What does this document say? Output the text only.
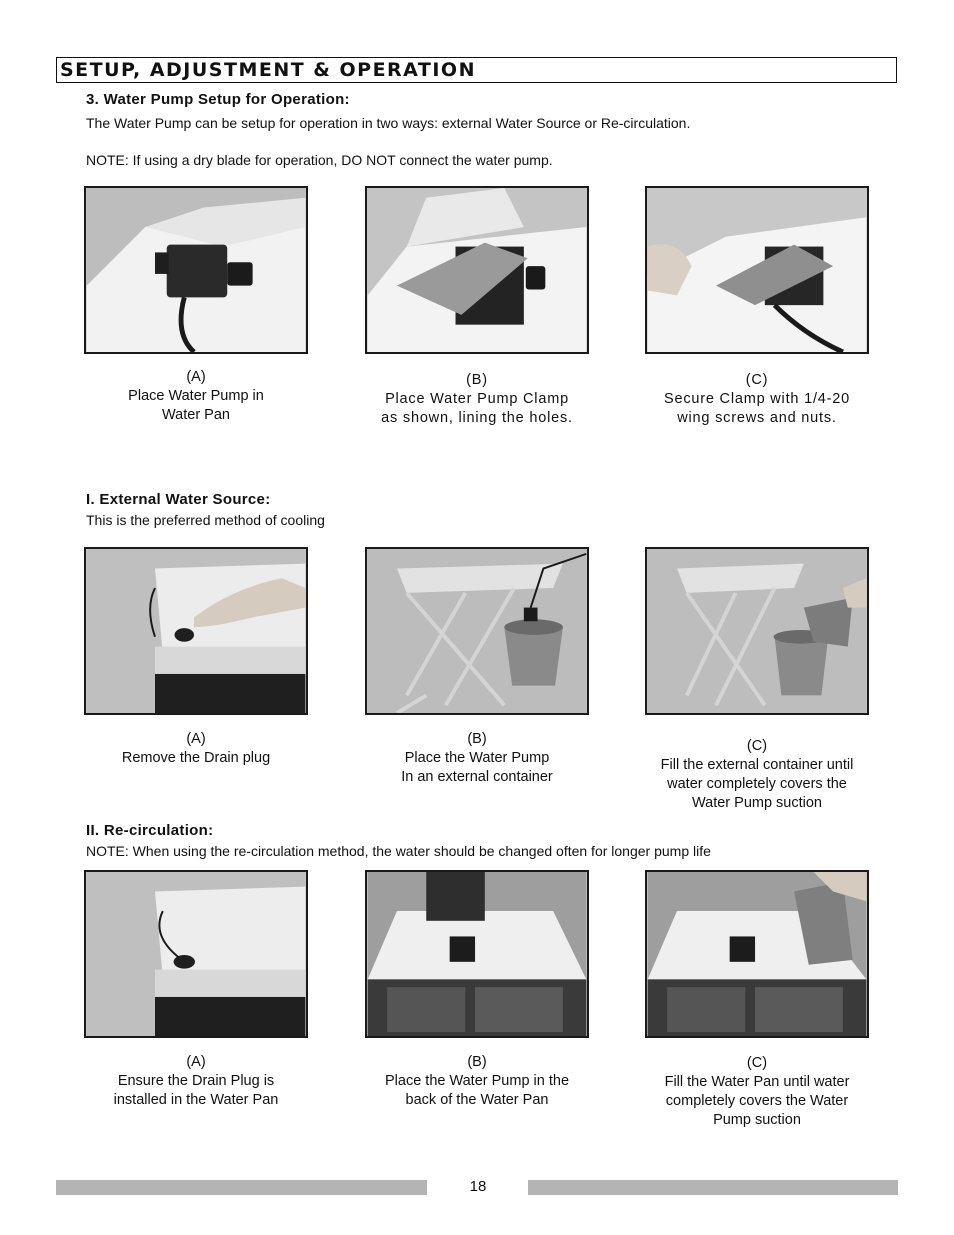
SETUP, ADJUSTMENT & OPERATION
3. Water Pump Setup for Operation:
The Water Pump can be setup for operation in two ways: external Water Source or Re-circulation.
NOTE: If using a dry blade for operation, DO NOT connect the water pump.
(A)
Place Water Pump in
Water Pan
(B)
Place Water Pump Clamp
as shown, lining the holes.
(C)
Secure Clamp with 1/4-20
wing screws and nuts.
I. External Water Source:
This is the preferred method of cooling
(A)
Remove the Drain plug
(B)
Place the Water Pump
In an external container
(C)
Fill the external container until
water completely covers the
Water Pump suction
II. Re-circulation:
NOTE: When using the re-circulation method, the water should be changed often for longer pump life
(A)
Ensure the Drain Plug is
installed in the Water Pan
(B)
Place the Water Pump in the
back of the Water Pan
(C)
Fill the Water Pan until water
completely covers the Water
Pump suction
18
